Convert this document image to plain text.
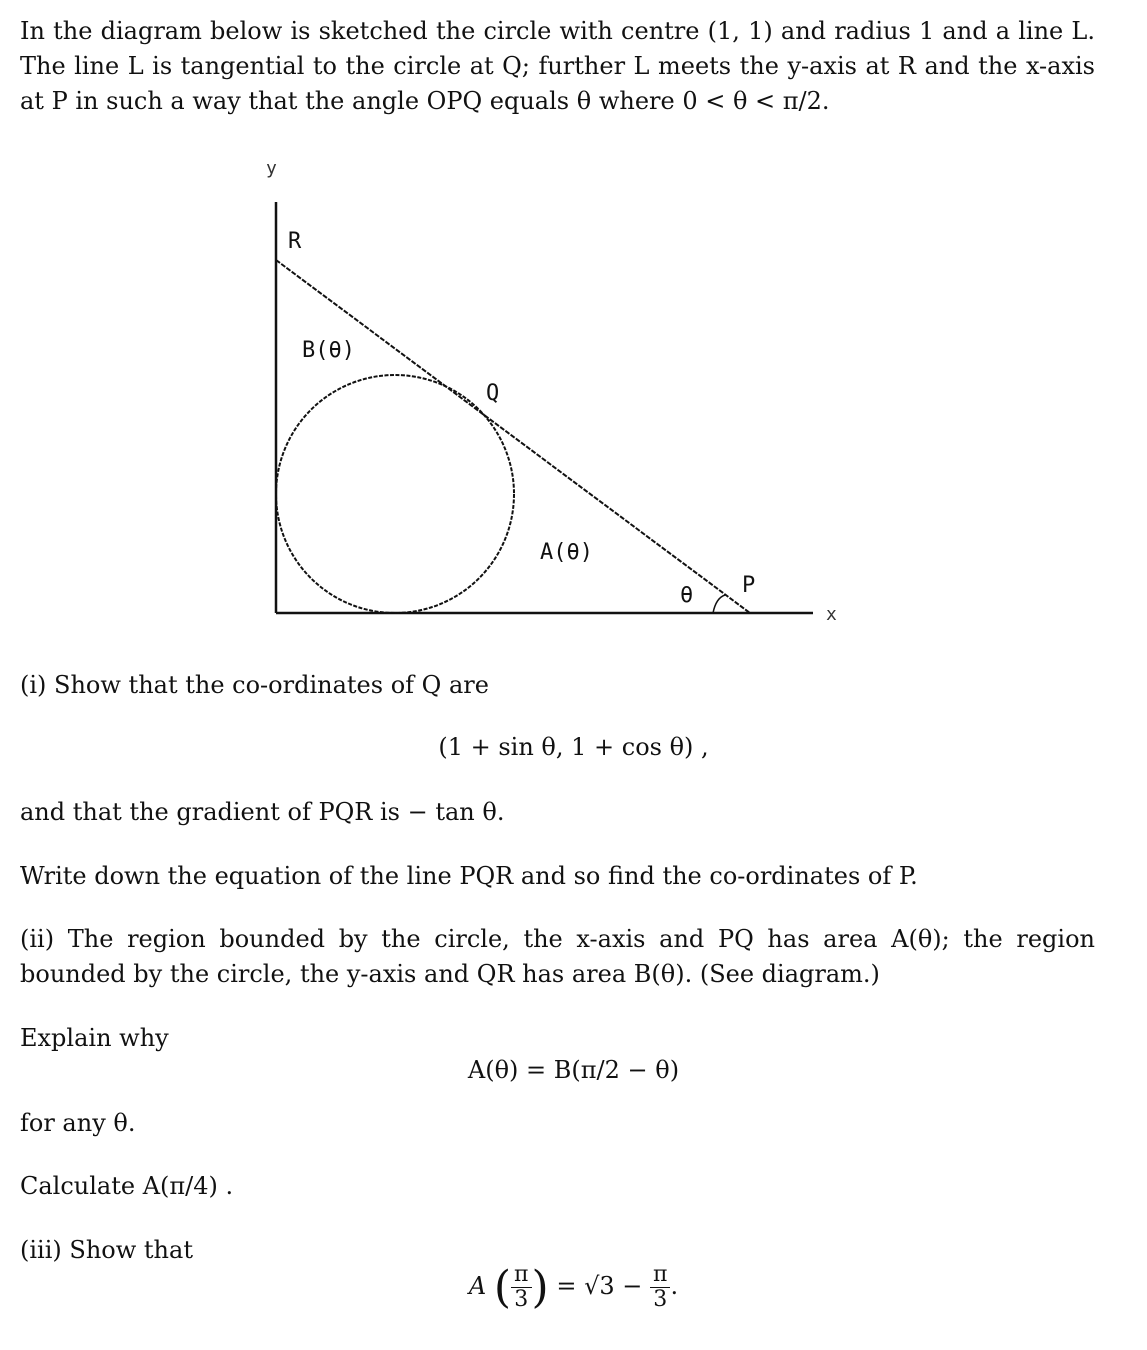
In the diagram below is sketched the circle with centre (1, 1) and radius 1 and a line L. The line L is tangential to the circle at Q; further L meets the y-axis at R and the x-axis at P in such a way that the angle OPQ equals θ where 0 < θ < π/2.

y
x
R
Q
P
B(θ)
A(θ)
θ

(i) Show that the co-ordinates of Q are

(1 + sin θ, 1 + cos θ) ,

and that the gradient of PQR is − tan θ.

Write down the equation of the line PQR and so find the co-ordinates of P.

(ii) The region bounded by the circle, the x-axis and PQ has area A(θ); the region bounded by the circle, the y-axis and QR has area B(θ). (See diagram.)

Explain why

A(θ) = B(π/2 − θ)

for any θ.

Calculate A(π/4) .

(iii) Show that

A ( $\frac{\pi}{3}$ ) = $√3 - \frac{\pi}{3}$ .
